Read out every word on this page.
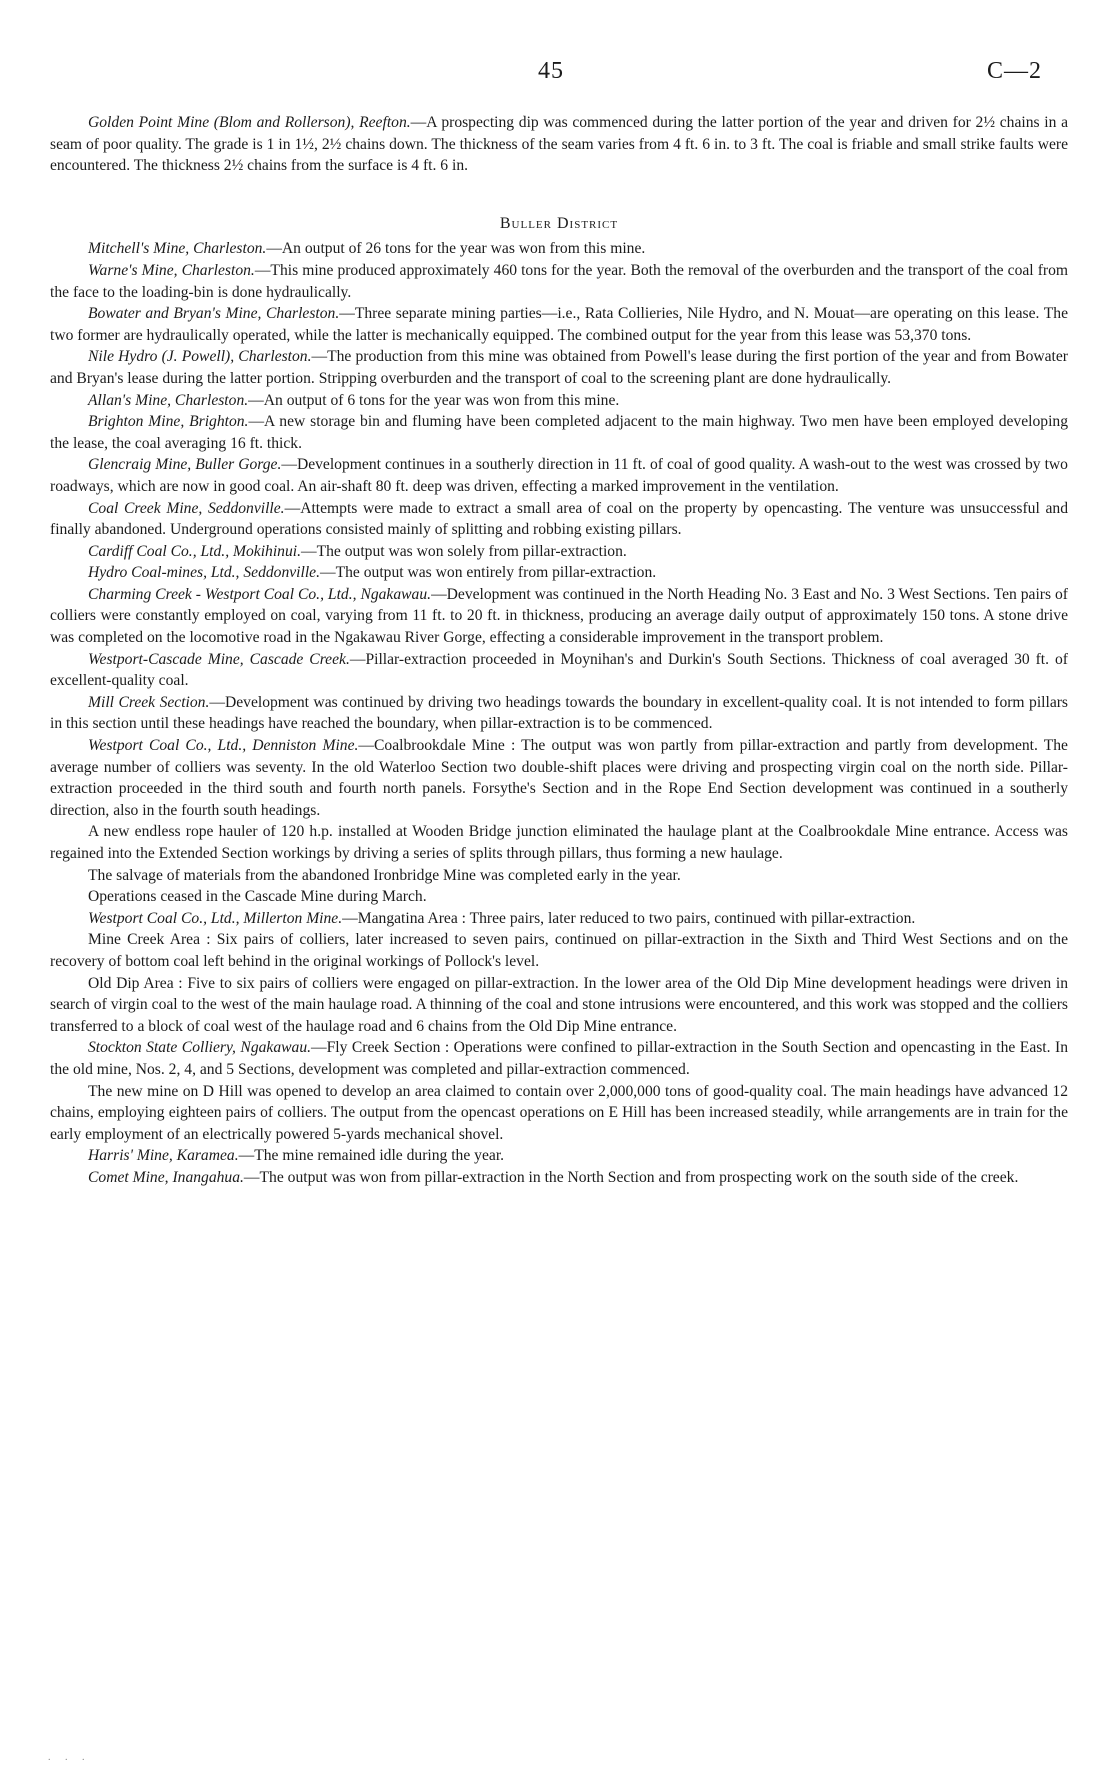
45	C—2

Golden Point Mine (Blom and Rollerson), Reefton.—A prospecting dip was commenced during the latter portion of the year and driven for 2½ chains in a seam of poor quality. The grade is 1 in 1½, 2½ chains down. The thickness of the seam varies from 4 ft. 6 in. to 3 ft. The coal is friable and small strike faults were encountered. The thickness 2½ chains from the surface is 4 ft. 6 in.

Buller District

Mitchell's Mine, Charleston.—An output of 26 tons for the year was won from this mine.

Warne's Mine, Charleston.—This mine produced approximately 460 tons for the year. Both the removal of the overburden and the transport of the coal from the face to the loading-bin is done hydraulically.

Bowater and Bryan's Mine, Charleston.—Three separate mining parties—i.e., Rata Collieries, Nile Hydro, and N. Mouat—are operating on this lease. The two former are hydraulically operated, while the latter is mechanically equipped. The combined output for the year from this lease was 53,370 tons.

Nile Hydro (J. Powell), Charleston.—The production from this mine was obtained from Powell's lease during the first portion of the year and from Bowater and Bryan's lease during the latter portion. Stripping overburden and the transport of coal to the screening plant are done hydraulically.

Allan's Mine, Charleston.—An output of 6 tons for the year was won from this mine.

Brighton Mine, Brighton.—A new storage bin and fluming have been completed adjacent to the main highway. Two men have been employed developing the lease, the coal averaging 16 ft. thick.

Glencraig Mine, Buller Gorge.—Development continues in a southerly direction in 11 ft. of coal of good quality. A wash-out to the west was crossed by two roadways, which are now in good coal. An air-shaft 80 ft. deep was driven, effecting a marked improvement in the ventilation.

Coal Creek Mine, Seddonville.—Attempts were made to extract a small area of coal on the property by opencasting. The venture was unsuccessful and finally abandoned. Underground operations consisted mainly of splitting and robbing existing pillars.

Cardiff Coal Co., Ltd., Mokihinui.—The output was won solely from pillar-extraction.

Hydro Coal-mines, Ltd., Seddonville.—The output was won entirely from pillar-extraction.

Charming Creek - Westport Coal Co., Ltd., Ngakawau.—Development was continued in the North Heading No. 3 East and No. 3 West Sections. Ten pairs of colliers were constantly employed on coal, varying from 11 ft. to 20 ft. in thickness, producing an average daily output of approximately 150 tons. A stone drive was completed on the locomotive road in the Ngakawau River Gorge, effecting a considerable improvement in the transport problem.

Westport-Cascade Mine, Cascade Creek.—Pillar-extraction proceeded in Moynihan's and Durkin's South Sections. Thickness of coal averaged 30 ft. of excellent-quality coal.

Mill Creek Section.—Development was continued by driving two headings towards the boundary in excellent-quality coal. It is not intended to form pillars in this section until these headings have reached the boundary, when pillar-extraction is to be commenced.

Westport Coal Co., Ltd., Denniston Mine.—Coalbrookdale Mine : The output was won partly from pillar-extraction and partly from development. The average number of colliers was seventy. In the old Waterloo Section two double-shift places were driving and prospecting virgin coal on the north side. Pillar-extraction proceeded in the third south and fourth north panels. Forsythe's Section and in the Rope End Section development was continued in a southerly direction, also in the fourth south headings.

A new endless rope hauler of 120 h.p. installed at Wooden Bridge junction eliminated the haulage plant at the Coalbrookdale Mine entrance. Access was regained into the Extended Section workings by driving a series of splits through pillars, thus forming a new haulage.

The salvage of materials from the abandoned Ironbridge Mine was completed early in the year.

Operations ceased in the Cascade Mine during March.

Westport Coal Co., Ltd., Millerton Mine.—Mangatina Area : Three pairs, later reduced to two pairs, continued with pillar-extraction.

Mine Creek Area : Six pairs of colliers, later increased to seven pairs, continued on pillar-extraction in the Sixth and Third West Sections and on the recovery of bottom coal left behind in the original workings of Pollock's level.

Old Dip Area : Five to six pairs of colliers were engaged on pillar-extraction. In the lower area of the Old Dip Mine development headings were driven in search of virgin coal to the west of the main haulage road. A thinning of the coal and stone intrusions were encountered, and this work was stopped and the colliers transferred to a block of coal west of the haulage road and 6 chains from the Old Dip Mine entrance.

Stockton State Colliery, Ngakawau.—Fly Creek Section : Operations were confined to pillar-extraction in the South Section and opencasting in the East. In the old mine, Nos. 2, 4, and 5 Sections, development was completed and pillar-extraction commenced.

The new mine on D Hill was opened to develop an area claimed to contain over 2,000,000 tons of good-quality coal. The main headings have advanced 12 chains, employing eighteen pairs of colliers. The output from the opencast operations on E Hill has been increased steadily, while arrangements are in train for the early employment of an electrically powered 5-yards mechanical shovel.

Harris' Mine, Karamea.—The mine remained idle during the year.

Comet Mine, Inangahua.—The output was won from pillar-extraction in the North Section and from prospecting work on the south side of the creek.

. . .
